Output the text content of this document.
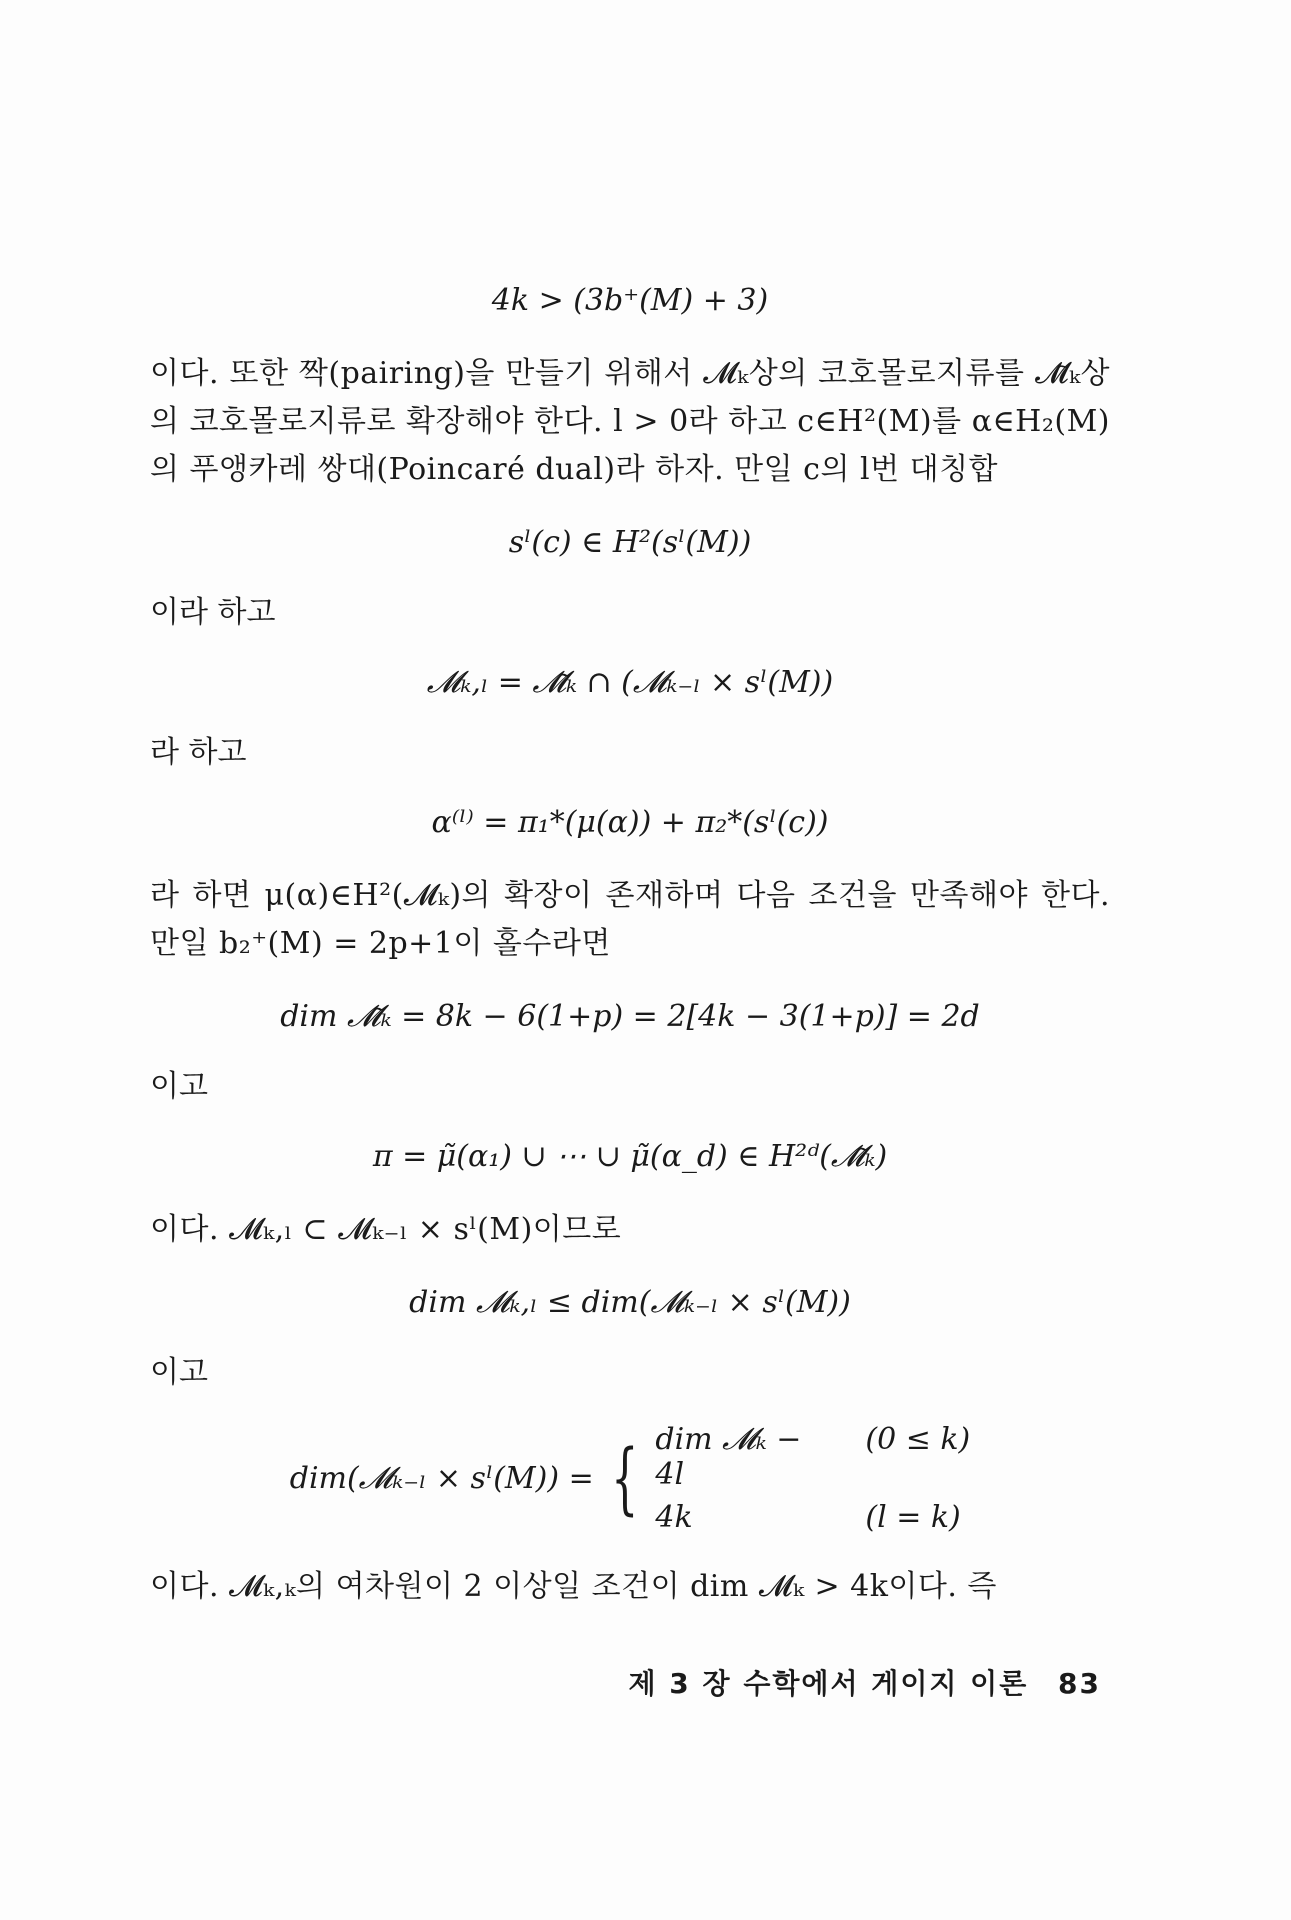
4k > (3b⁺(M) + 3)

이다. 또한 짝(pairing)을 만들기 위해서 𝓜ₖ상의 코호몰로지류를 𝓜̃ₖ상의 코호몰로지류로 확장해야 한다. l > 0라 하고 c∈H²(M)를 α∈H₂(M)의 푸앵카레 쌍대(Poincaré dual)라 하자. 만일 c의 l번 대칭합

sˡ(c) ∈ H²(sˡ(M))

이라 하고

𝓜ₖ,ₗ = 𝓜̃ₖ ∩ (𝓜ₖ₋ₗ × sˡ(M))

라 하고

α⁽ˡ⁾ = π₁*(μ(α)) + π₂*(sˡ(c))

라 하면 μ(α)∈H²(𝓜ₖ)의 확장이 존재하며 다음 조건을 만족해야 한다. 만일 b₂⁺(M) = 2p+1이 홀수라면

dim 𝓜̃ₖ = 8k − 6(1+p) = 2[4k − 3(1+p)] = 2d

이고

π = μ̃(α₁) ∪ ⋯ ∪ μ̃(α_d) ∈ H²ᵈ(𝓜̃ₖ)

이다. 𝓜ₖ,ₗ ⊂ 𝓜ₖ₋ₗ × sˡ(M)이므로

dim 𝓜ₖ,ₗ ≤ dim(𝓜ₖ₋ₗ × sˡ(M))

이고

dim(𝓜ₖ₋ₗ × sˡ(M)) = { dim 𝓜ₖ − 4l
(0 ≤ k)
4k	(l = k)

이다. 𝓜ₖ,ₖ의 여차원이 2 이상일 조건이 dim 𝓜ₖ > 4k이다. 즉

제 3 장 수학에서 게이지 이론 83
